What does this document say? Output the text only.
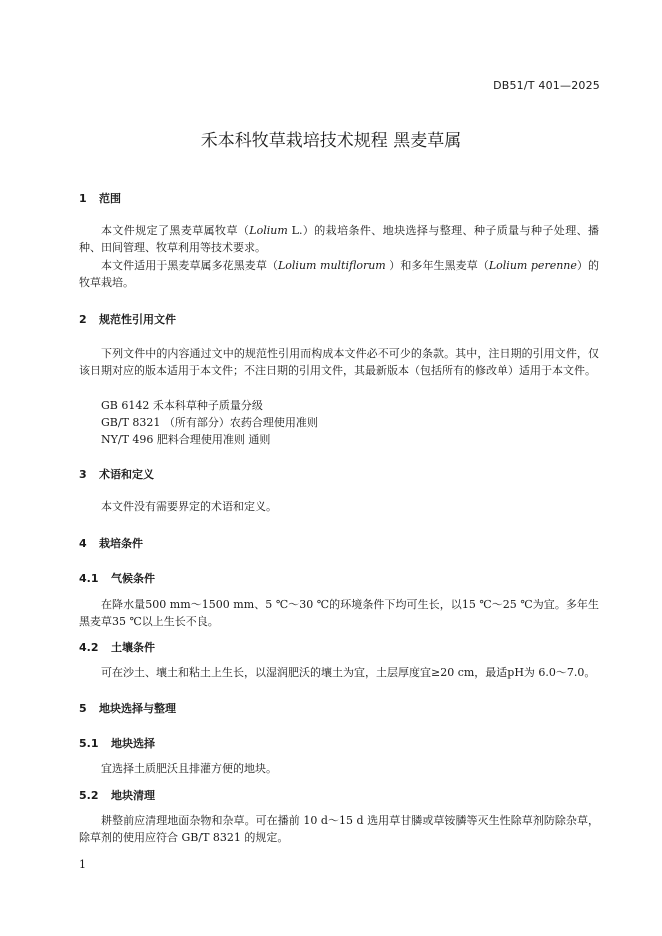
DB51/T 401—2025
禾本科牧草栽培技术规程 黑麦草属
1 范围
本文件规定了黑麦草属牧草（Lolium L.）的栽培条件、地块选择与整理、种子质量与种子处理、播种、田间管理、牧草利用等技术要求。
本文件适用于黑麦草属多花黑麦草（Lolium multiflorum ）和多年生黑麦草（Lolium perenne）的牧草栽培。
2 规范性引用文件
下列文件中的内容通过文中的规范性引用而构成本文件必不可少的条款。其中，注日期的引用文件，仅该日期对应的版本适用于本文件；不注日期的引用文件，其最新版本（包括所有的修改单）适用于本文件。
GB 6142 禾本科草种子质量分级
GB/T 8321 （所有部分）农药合理使用准则
NY/T 496 肥料合理使用准则 通则
3 术语和定义
本文件没有需要界定的术语和定义。
4 栽培条件
4.1 气候条件
在降水量500 mm～1500 mm、5 ℃～30 ℃的环境条件下均可生长，以15 ℃～25 ℃为宜。多年生黑麦草35 ℃以上生长不良。
4.2 土壤条件
可在沙土、壤土和粘土上生长，以湿润肥沃的壤土为宜，土层厚度宜≥20 cm，最适pH为 6.0～7.0。
5 地块选择与整理
5.1 地块选择
宜选择土质肥沃且排灌方便的地块。
5.2 地块清理
耕整前应清理地面杂物和杂草。可在播前 10 d～15 d 选用草甘膦或草铵膦等灭生性除草剂防除杂草，除草剂的使用应符合 GB/T 8321 的规定。
1
